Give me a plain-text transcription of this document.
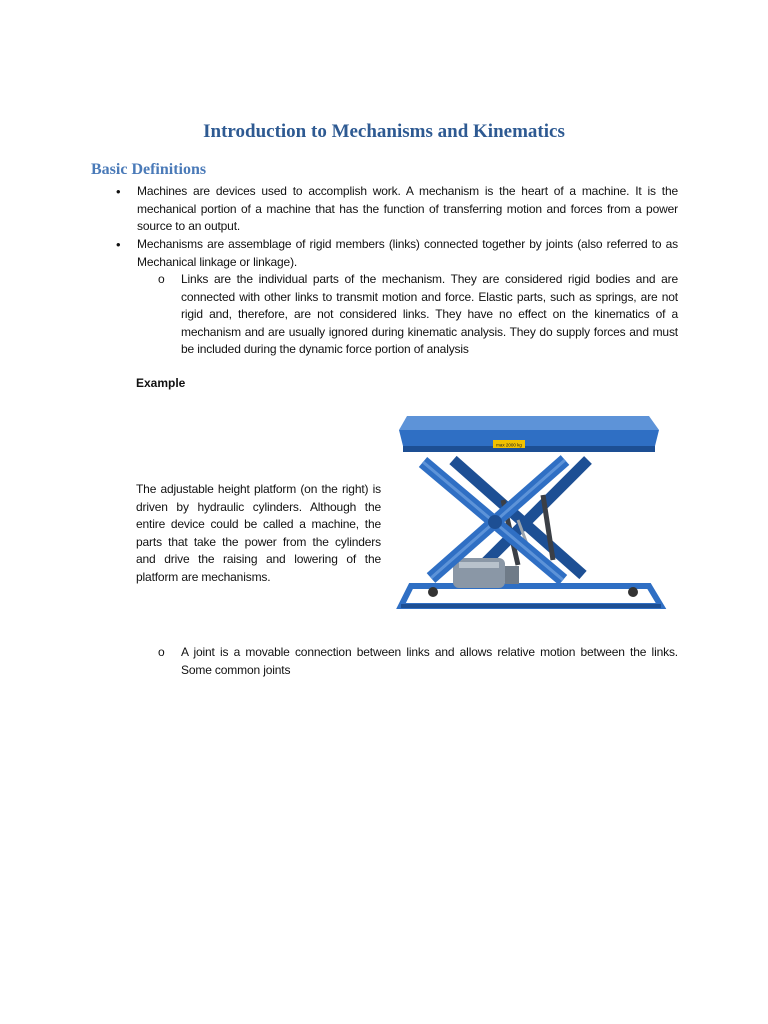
Introduction to Mechanisms and Kinematics
Basic Definitions
• Machines are devices used to accomplish work. A mechanism is the heart of a machine. It is the mechanical portion of a machine that has the function of transferring motion and forces from a power source to an output.
• Mechanisms are assemblage of rigid members (links) connected together by joints (also referred to as Mechanical linkage or linkage).
o Links are the individual parts of the mechanism. They are considered rigid bodies and are connected with other links to transmit motion and force. Elastic parts, such as springs, are not rigid and, therefore, are not considered links. They have no effect on the kinematics of a mechanism and are usually ignored during kinematic analysis. They do supply forces and must be included during the dynamic force portion of analysis
Example
The adjustable height platform (on the right) is driven by hydraulic cylinders. Although the entire device could be called a machine, the parts that take the power from the cylinders and drive the raising and lowering of the platform are mechanisms.
max 2000 kg
o A joint is a movable connection between links and allows relative motion between the links. Some common joints
